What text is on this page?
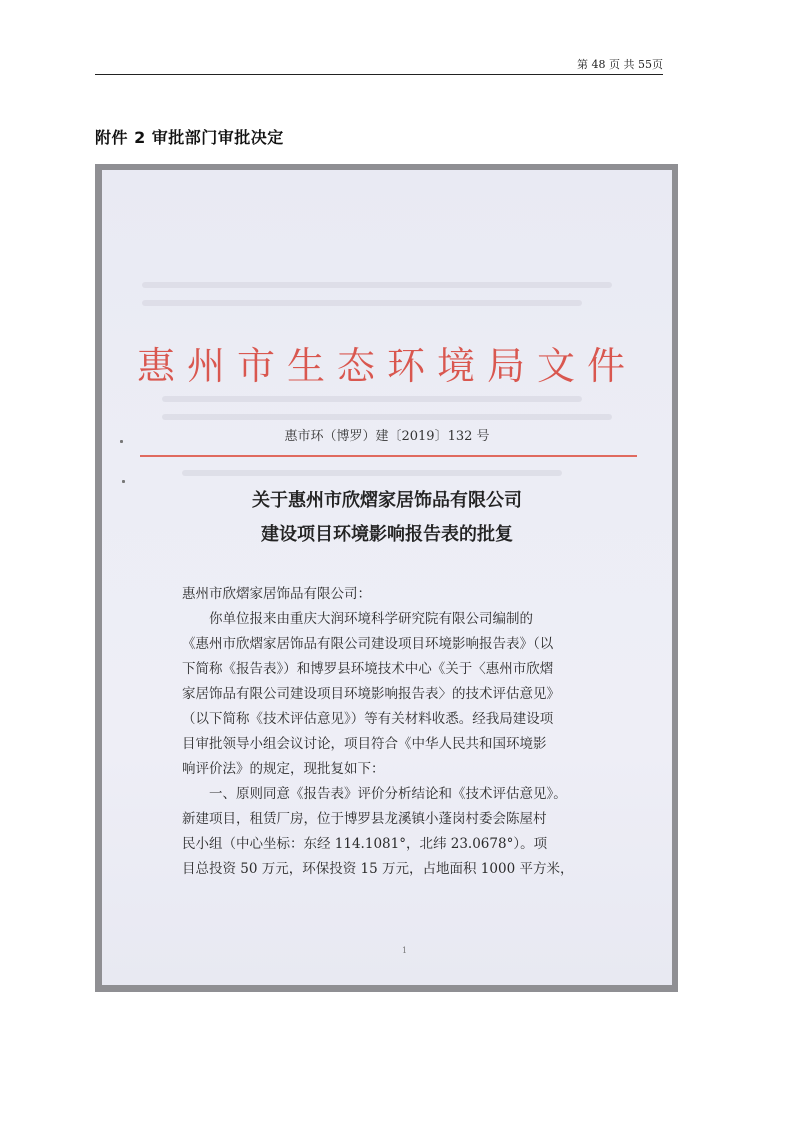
第 48 页 共 55页
附件 2 审批部门审批决定
惠州市生态环境局文件
惠市环（博罗）建〔2019〕132 号
关于惠州市欣熠家居饰品有限公司
建设项目环境影响报告表的批复
惠州市欣熠家居饰品有限公司：
　　你单位报来由重庆大润环境科学研究院有限公司编制的
《惠州市欣熠家居饰品有限公司建设项目环境影响报告表》（以
下简称《报告表》）和博罗县环境技术中心《关于〈惠州市欣熠
家居饰品有限公司建设项目环境影响报告表〉的技术评估意见》
（以下简称《技术评估意见》）等有关材料收悉。经我局建设项
目审批领导小组会议讨论，项目符合《中华人民共和国环境影
响评价法》的规定，现批复如下：
　　一、原则同意《报告表》评价分析结论和《技术评估意见》。
新建项目，租赁厂房，位于博罗县龙溪镇小蓬岗村委会陈屋村
民小组（中心坐标：东经 114.1081°，北纬 23.0678°）。项
目总投资 50 万元，环保投资 15 万元，占地面积 1000 平方米，
1
